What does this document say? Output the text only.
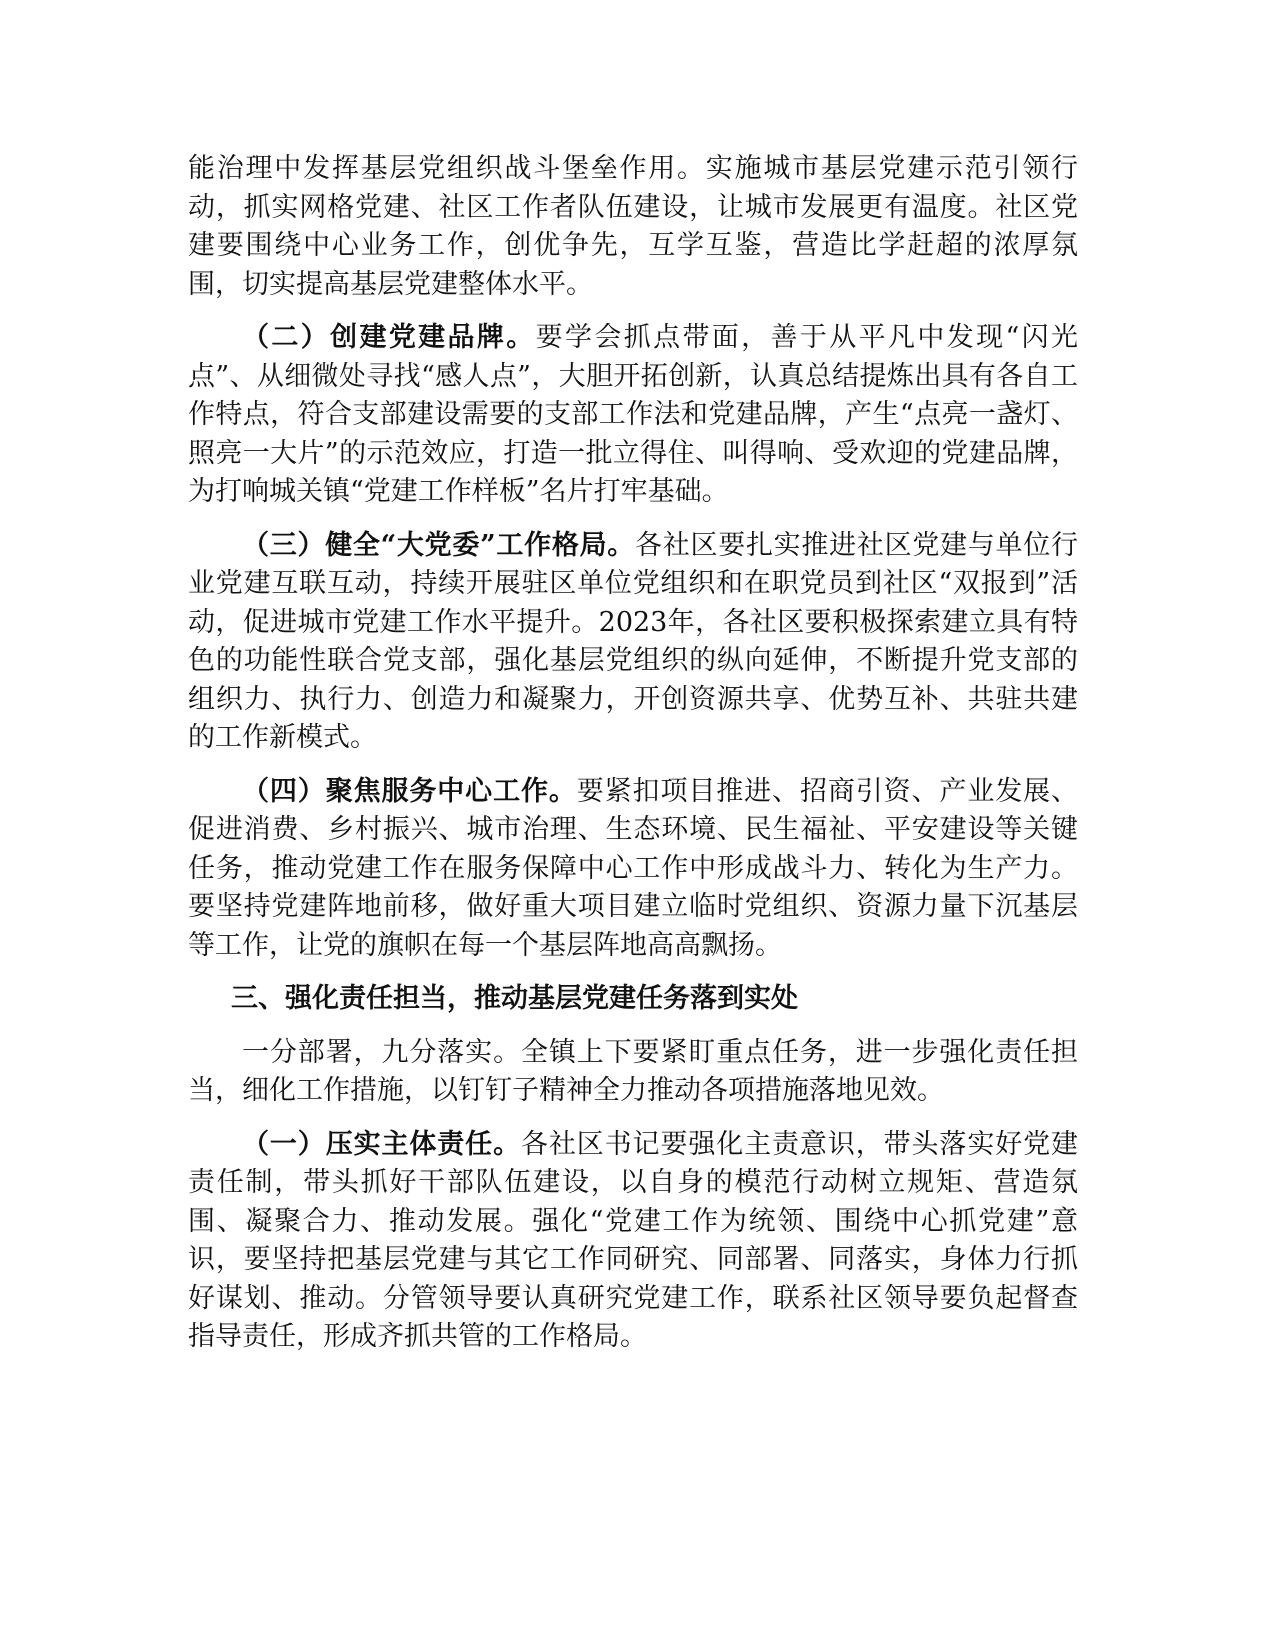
能治理中发挥基层党组织战斗堡垒作用。实施城市基层党建示范引领行动，抓实网格党建、社区工作者队伍建设，让城市发展更有温度。社区党建要围绕中心业务工作，创优争先，互学互鉴，营造比学赶超的浓厚氛围，切实提高基层党建整体水平。

（二）创建党建品牌。要学会抓点带面，善于从平凡中发现“闪光点”、从细微处寻找“感人点”，大胆开拓创新，认真总结提炼出具有各自工作特点，符合支部建设需要的支部工作法和党建品牌，产生“点亮一盏灯、照亮一大片”的示范效应，打造一批立得住、叫得响、受欢迎的党建品牌，为打响城关镇“党建工作样板”名片打牢基础。

（三）健全“大党委”工作格局。各社区要扎实推进社区党建与单位行业党建互联互动，持续开展驻区单位党组织和在职党员到社区“双报到”活动，促进城市党建工作水平提升。2023年，各社区要积极探索建立具有特色的功能性联合党支部，强化基层党组织的纵向延伸，不断提升党支部的组织力、执行力、创造力和凝聚力，开创资源共享、优势互补、共驻共建的工作新模式。

（四）聚焦服务中心工作。要紧扣项目推进、招商引资、产业发展、促进消费、乡村振兴、城市治理、生态环境、民生福祉、平安建设等关键任务，推动党建工作在服务保障中心工作中形成战斗力、转化为生产力。要坚持党建阵地前移，做好重大项目建立临时党组织、资源力量下沉基层等工作，让党的旗帜在每一个基层阵地高高飘扬。

三、强化责任担当，推动基层党建任务落到实处

一分部署，九分落实。全镇上下要紧盯重点任务，进一步强化责任担当，细化工作措施，以钉钉子精神全力推动各项措施落地见效。

（一）压实主体责任。各社区书记要强化主责意识，带头落实好党建责任制，带头抓好干部队伍建设，以自身的模范行动树立规矩、营造氛围、凝聚合力、推动发展。强化“党建工作为统领、围绕中心抓党建”意识，要坚持把基层党建与其它工作同研究、同部署、同落实，身体力行抓好谋划、推动。分管领导要认真研究党建工作，联系社区领导要负起督查指导责任，形成齐抓共管的工作格局。
